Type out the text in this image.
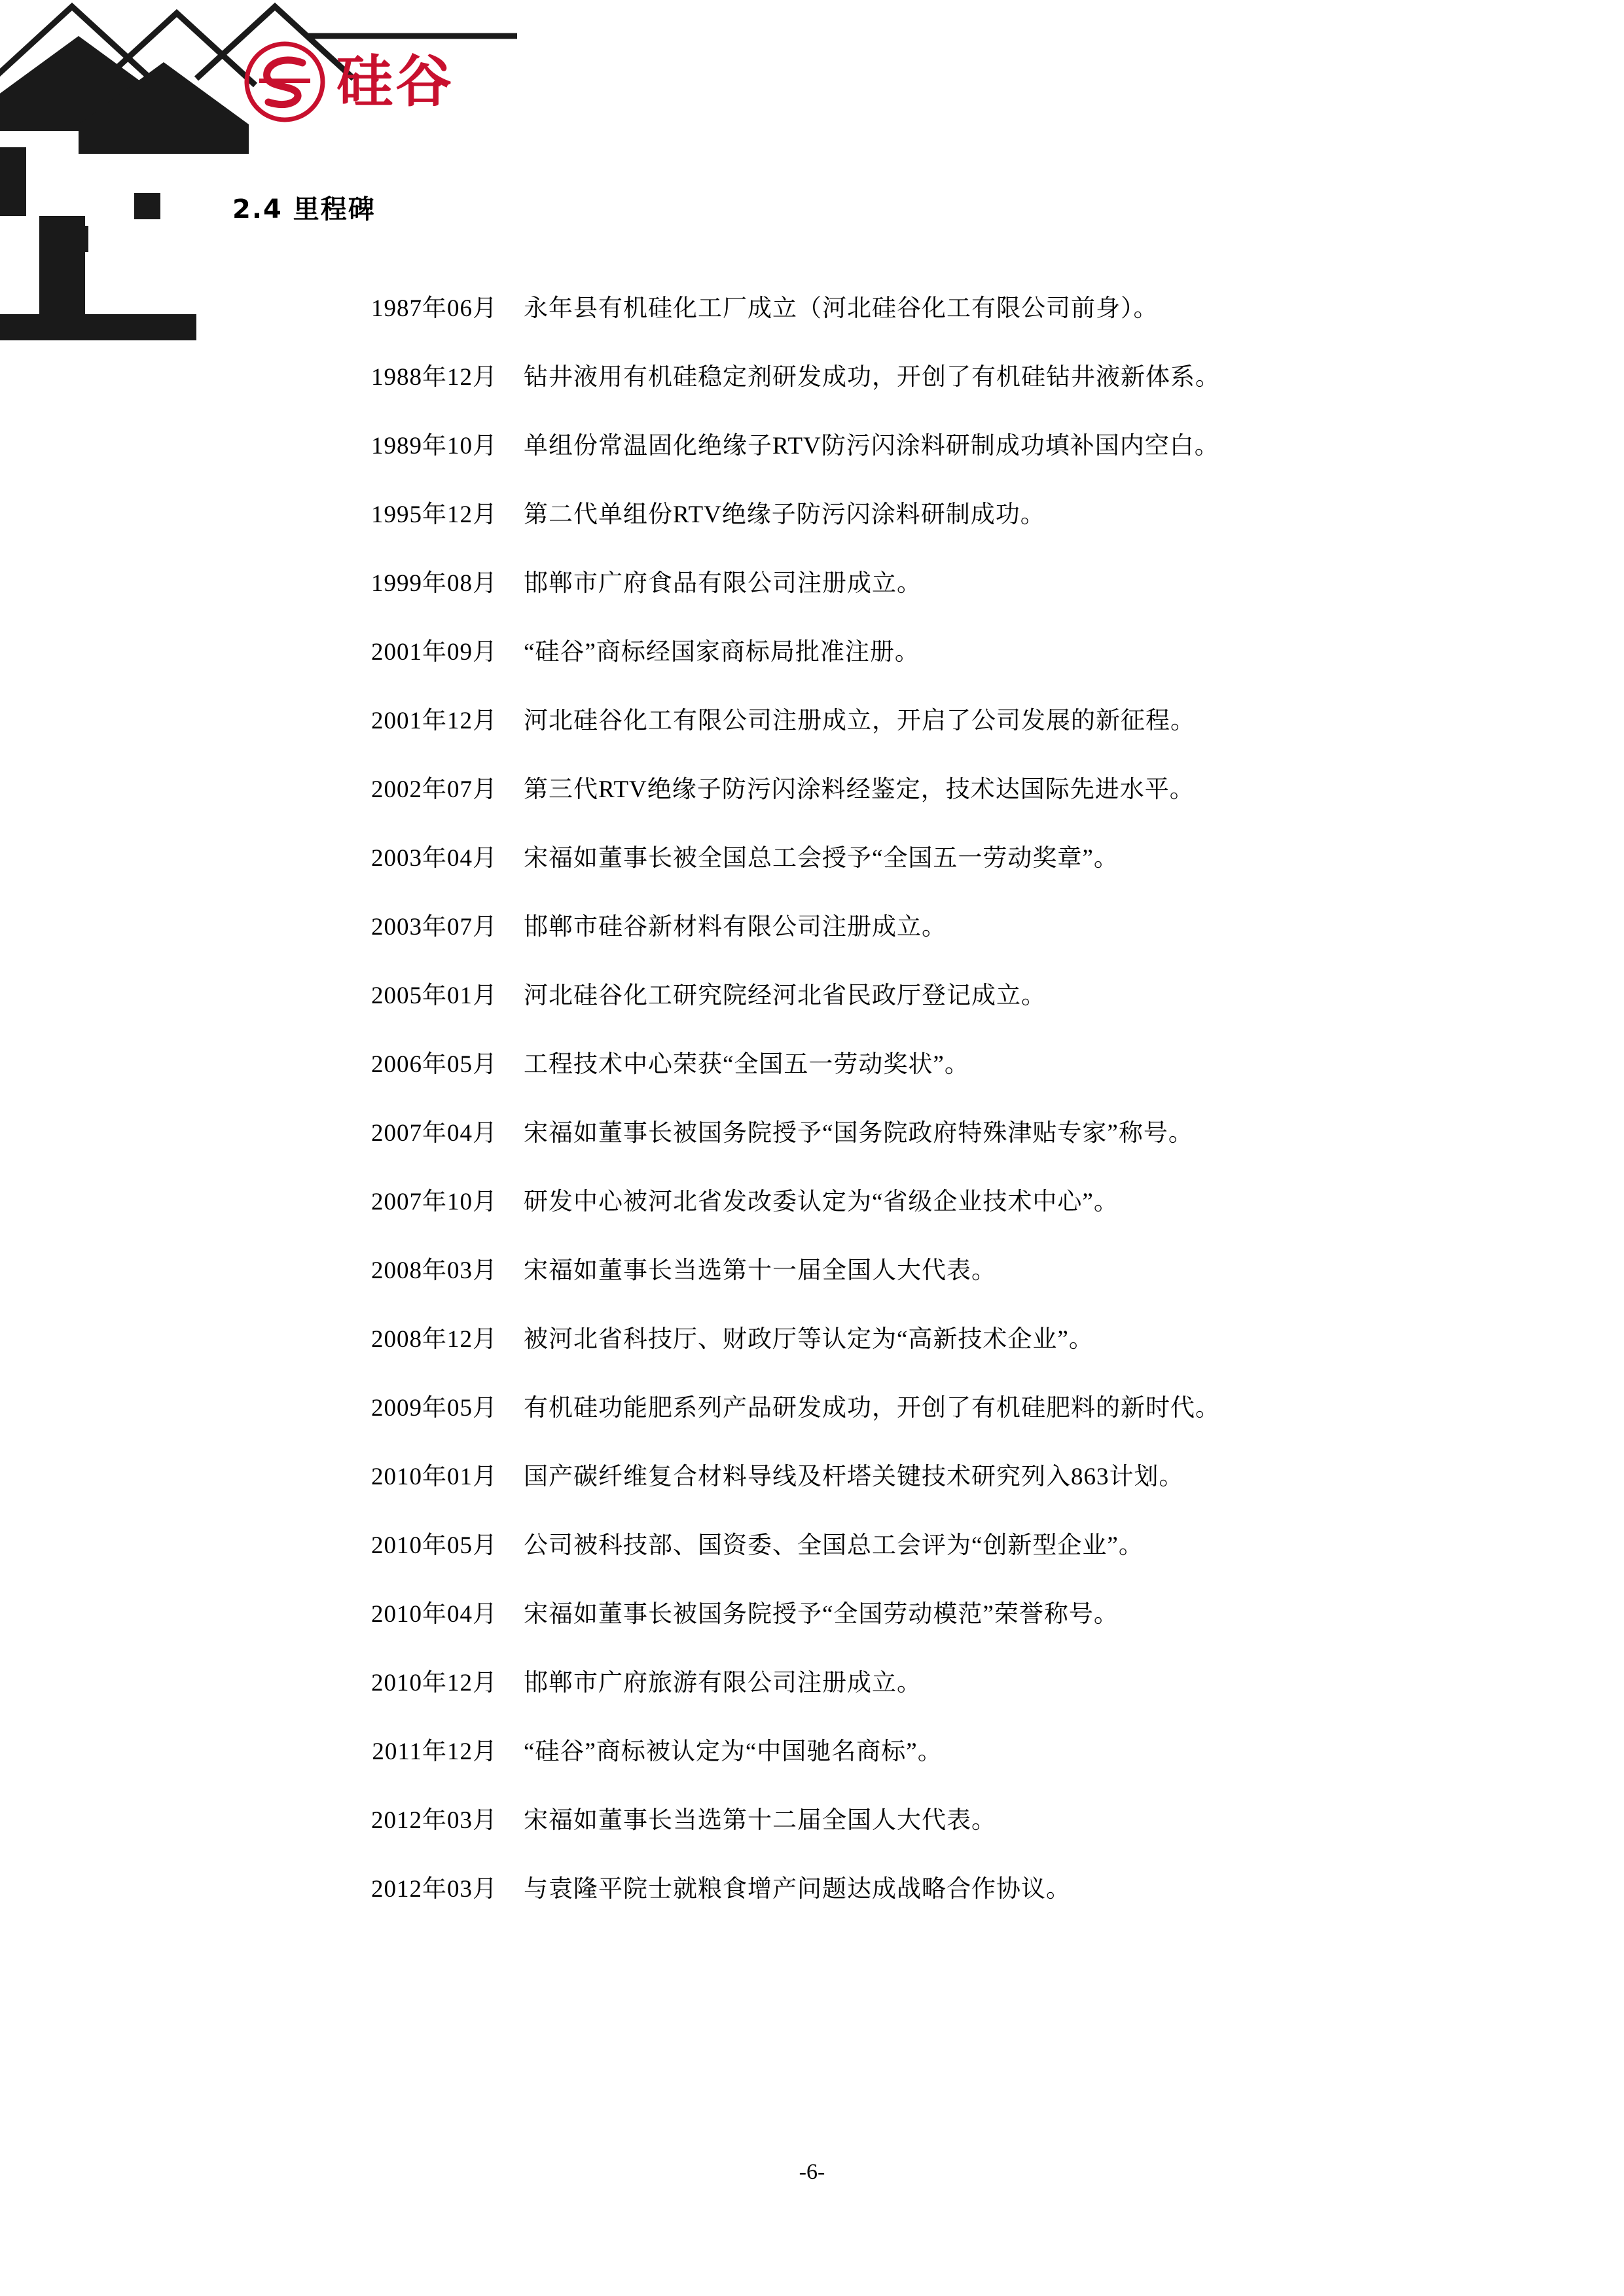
硅谷
2.4 里程碑
1987年06月	永年县有机硅化工厂成立（河北硅谷化工有限公司前身）。
1988年12月	钻井液用有机硅稳定剂研发成功，开创了有机硅钻井液新体系。
1989年10月	单组份常温固化绝缘子RTV防污闪涂料研制成功填补国内空白。
1995年12月	第二代单组份RTV绝缘子防污闪涂料研制成功。
1999年08月	邯郸市广府食品有限公司注册成立。
2001年09月	“硅谷”商标经国家商标局批准注册。
2001年12月	河北硅谷化工有限公司注册成立，开启了公司发展的新征程。
2002年07月	第三代RTV绝缘子防污闪涂料经鉴定，技术达国际先进水平。
2003年04月	宋福如董事长被全国总工会授予“全国五一劳动奖章”。
2003年07月	邯郸市硅谷新材料有限公司注册成立。
2005年01月	河北硅谷化工研究院经河北省民政厅登记成立。
2006年05月	工程技术中心荣获“全国五一劳动奖状”。
2007年04月	宋福如董事长被国务院授予“国务院政府特殊津贴专家”称号。
2007年10月	研发中心被河北省发改委认定为“省级企业技术中心”。
2008年03月	宋福如董事长当选第十一届全国人大代表。
2008年12月	被河北省科技厅、财政厅等认定为“高新技术企业”。
2009年05月	有机硅功能肥系列产品研发成功，开创了有机硅肥料的新时代。
2010年01月	国产碳纤维复合材料导线及杆塔关键技术研究列入863计划。
2010年05月	公司被科技部、国资委、全国总工会评为“创新型企业”。
2010年04月	宋福如董事长被国务院授予“全国劳动模范”荣誉称号。
2010年12月	邯郸市广府旅游有限公司注册成立。
2011年12月	“硅谷”商标被认定为“中国驰名商标”。
2012年03月	宋福如董事长当选第十二届全国人大代表。
2012年03月	与袁隆平院士就粮食增产问题达成战略合作协议。
-6-
